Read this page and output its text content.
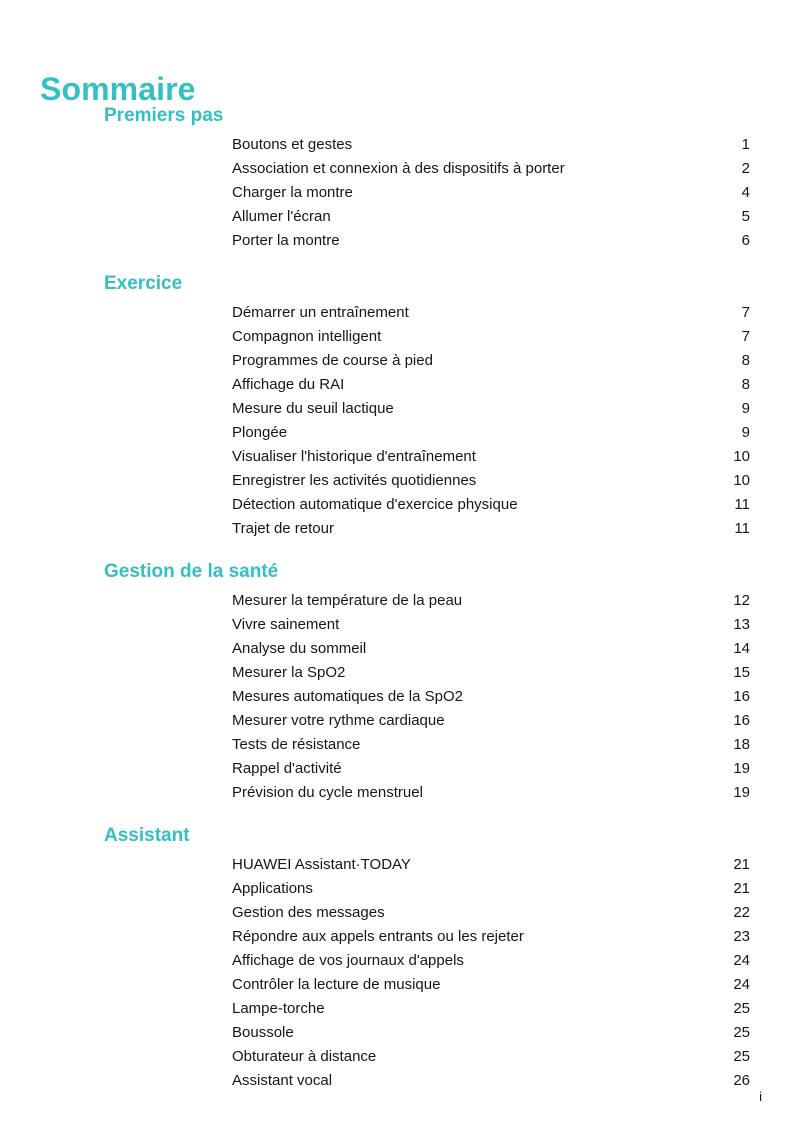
Sommaire
Premiers pas
Boutons et gestes	1
Association et connexion à des dispositifs à porter	2
Charger la montre	4
Allumer l'écran	5
Porter la montre	6
Exercice
Démarrer un entraînement	7
Compagnon intelligent	7
Programmes de course à pied	8
Affichage du RAI	8
Mesure du seuil lactique	9
Plongée	9
Visualiser l'historique d'entraînement	10
Enregistrer les activités quotidiennes	10
Détection automatique d'exercice physique	11
Trajet de retour	11
Gestion de la santé
Mesurer la température de la peau	12
Vivre sainement	13
Analyse du sommeil	14
Mesurer la SpO2	15
Mesures automatiques de la SpO2	16
Mesurer votre rythme cardiaque	16
Tests de résistance	18
Rappel d'activité	19
Prévision du cycle menstruel	19
Assistant
HUAWEI Assistant·TODAY	21
Applications	21
Gestion des messages	22
Répondre aux appels entrants ou les rejeter	23
Affichage de vos journaux d'appels	24
Contrôler la lecture de musique	24
Lampe-torche	25
Boussole	25
Obturateur à distance	25
Assistant vocal	26
i
